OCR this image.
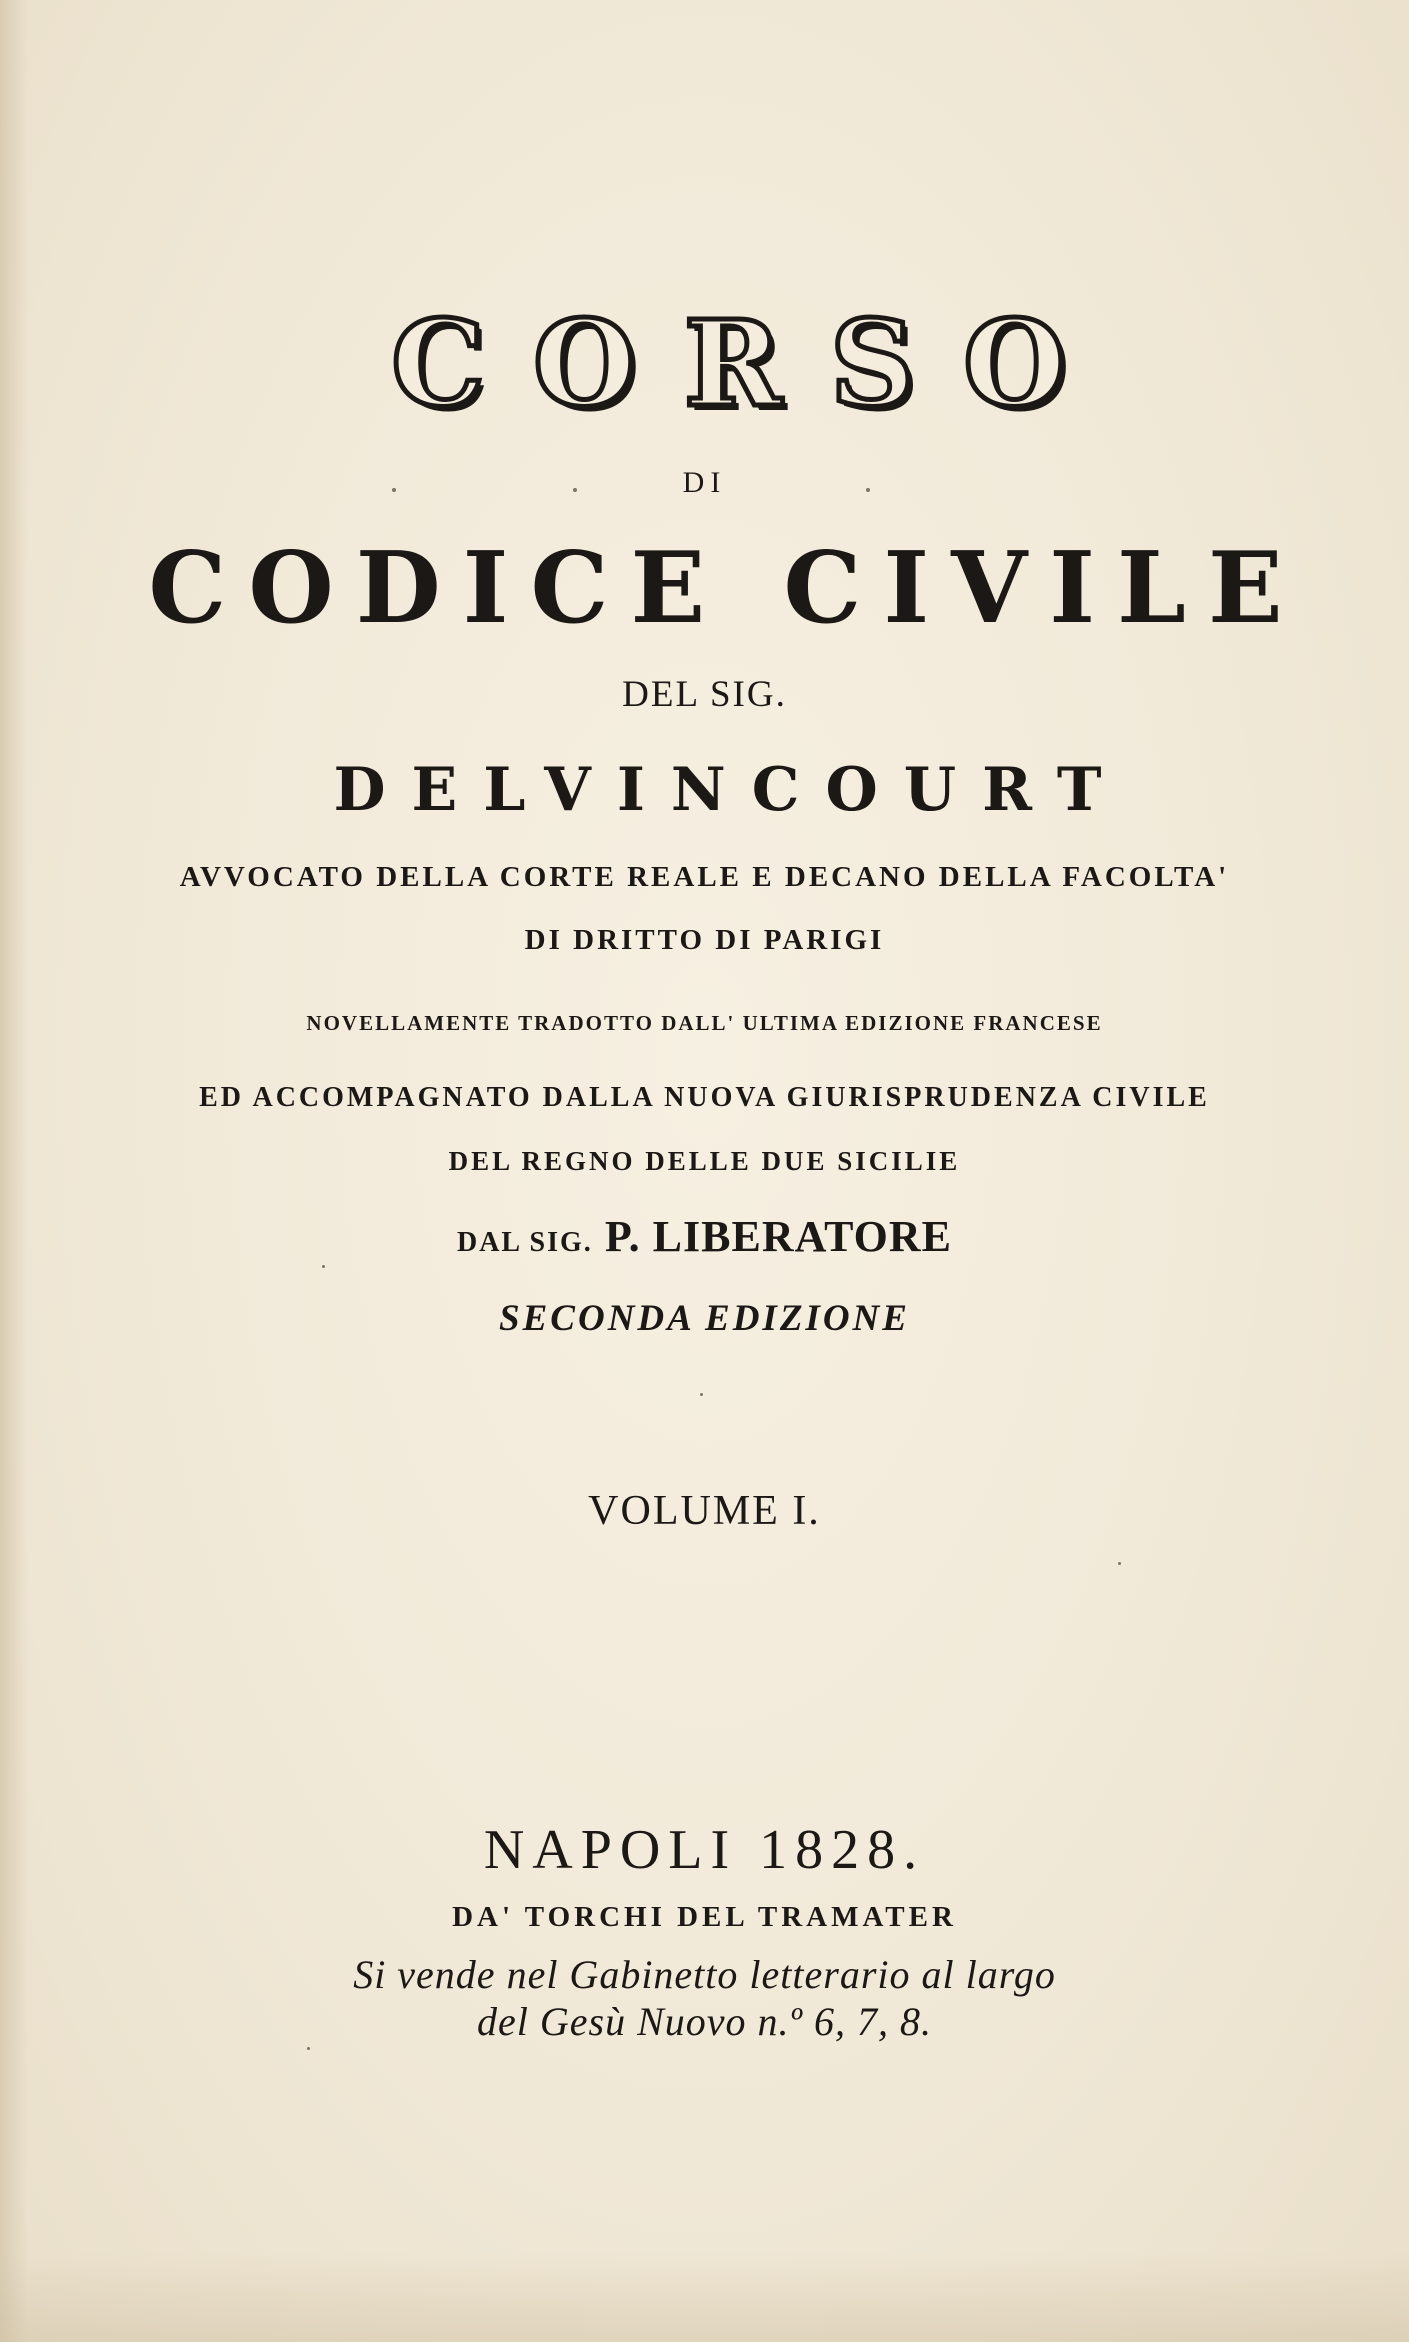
CORSO
DI
CODICE CIVILE
DEL SIG.
DELVINCOURT
AVVOCATO DELLA CORTE REALE E DECANO DELLA FACOLTA'
DI DRITTO DI PARIGI
NOVELLAMENTE TRADOTTO DALL' ULTIMA EDIZIONE FRANCESE
ED ACCOMPAGNATO DALLA NUOVA GIURISPRUDENZA CIVILE
DEL REGNO DELLE DUE SICILIE
DAL SIG. P. LIBERATORE
SECONDA EDIZIONE
VOLUME I.
NAPOLI 1828.
DA' TORCHI DEL TRAMATER
Si vende nel Gabinetto letterario al largo
del Gesù Nuovo n.º 6, 7, 8.
